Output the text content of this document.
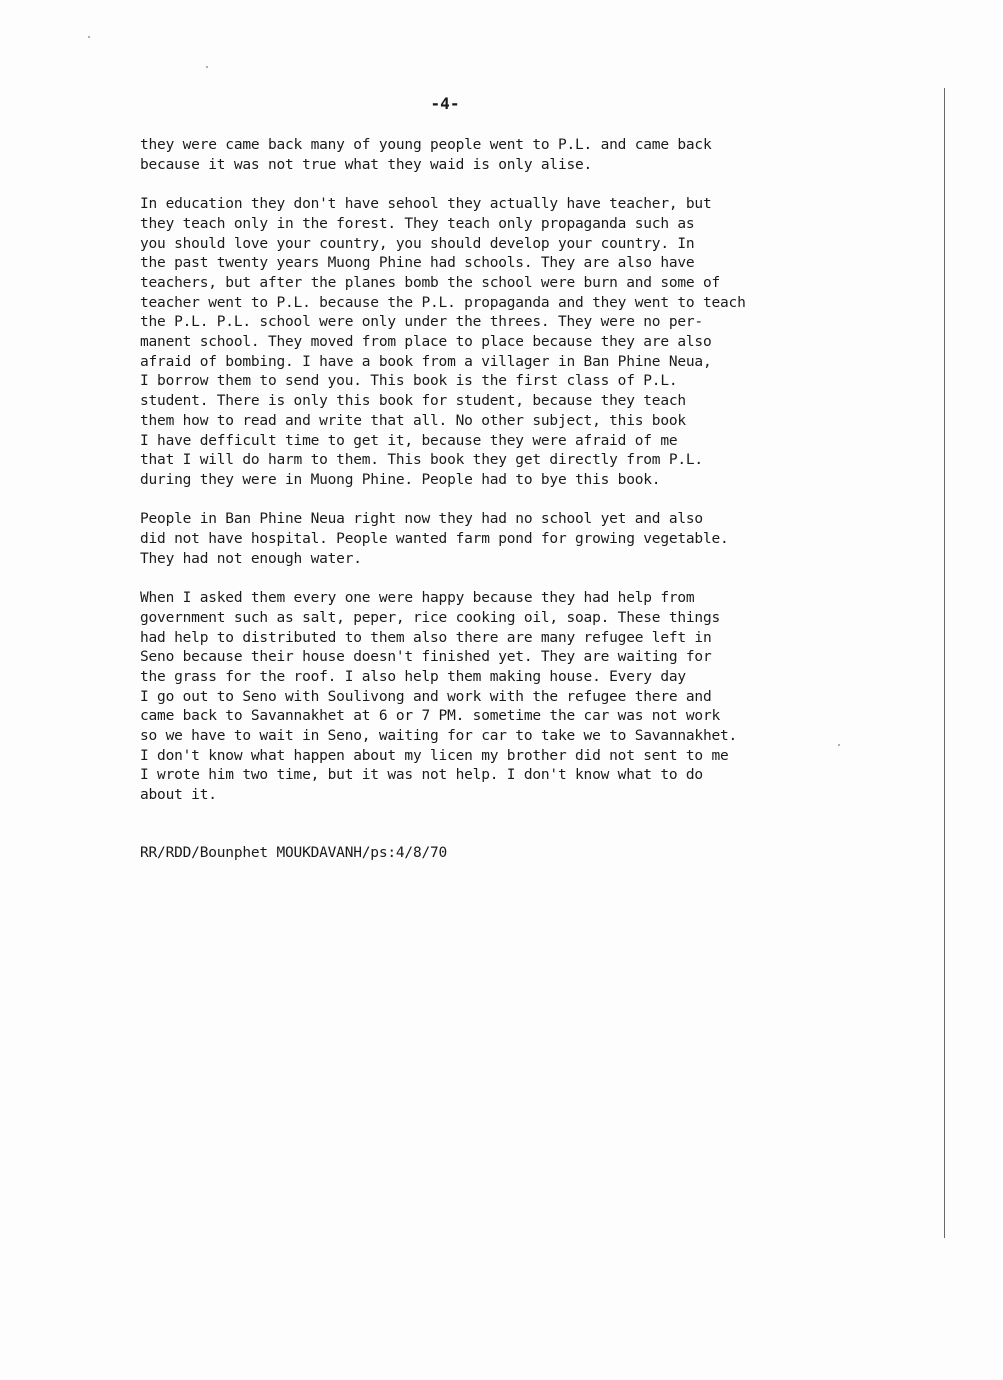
-4-

they were came back many of young people went to P.L. and came back
because it was not true what they waid is only alise.

In education they don't have sehool they actually have teacher, but
they teach only in the forest. They teach only propaganda such as
you should love your country, you should develop your country. In
the past twenty years Muong Phine had schools. They are also have
teachers, but after the planes bomb the school were burn and some of
teacher went to P.L. because the P.L. propaganda and they went to teach
the P.L. P.L. school were only under the threes. They were no per-
manent school. They moved from place to place because they are also
afraid of bombing. I have a book from a villager in Ban Phine Neua,
I borrow them to send you. This book is the first class of P.L.
student. There is only this book for student, because they teach
them how to read and write that all. No other subject, this book
I have defficult time to get it, because they were afraid of me
that I will do harm to them. This book they get directly from P.L.
during they were in Muong Phine. People had to bye this book.

People in Ban Phine Neua right now they had no school yet and also
did not have hospital. People wanted farm pond for growing vegetable.
They had not enough water.

When I asked them every one were happy because they had help from
government such as salt, peper, rice cooking oil, soap. These things
had help to distributed to them also there are many refugee left in
Seno because their house doesn't finished yet. They are waiting for
the grass for the roof. I also help them making house. Every day
I go out to Seno with Soulivong and work with the refugee there and
came back to Savannakhet at 6 or 7 PM. sometime the car was not work
so we have to wait in Seno, waiting for car to take we to Savannakhet.
I don't know what happen about my licen my brother did not sent to me
I wrote him two time, but it was not help. I don't know what to do
about it.

RR/RDD/Bounphet MOUKDAVANH/ps:4/8/70
